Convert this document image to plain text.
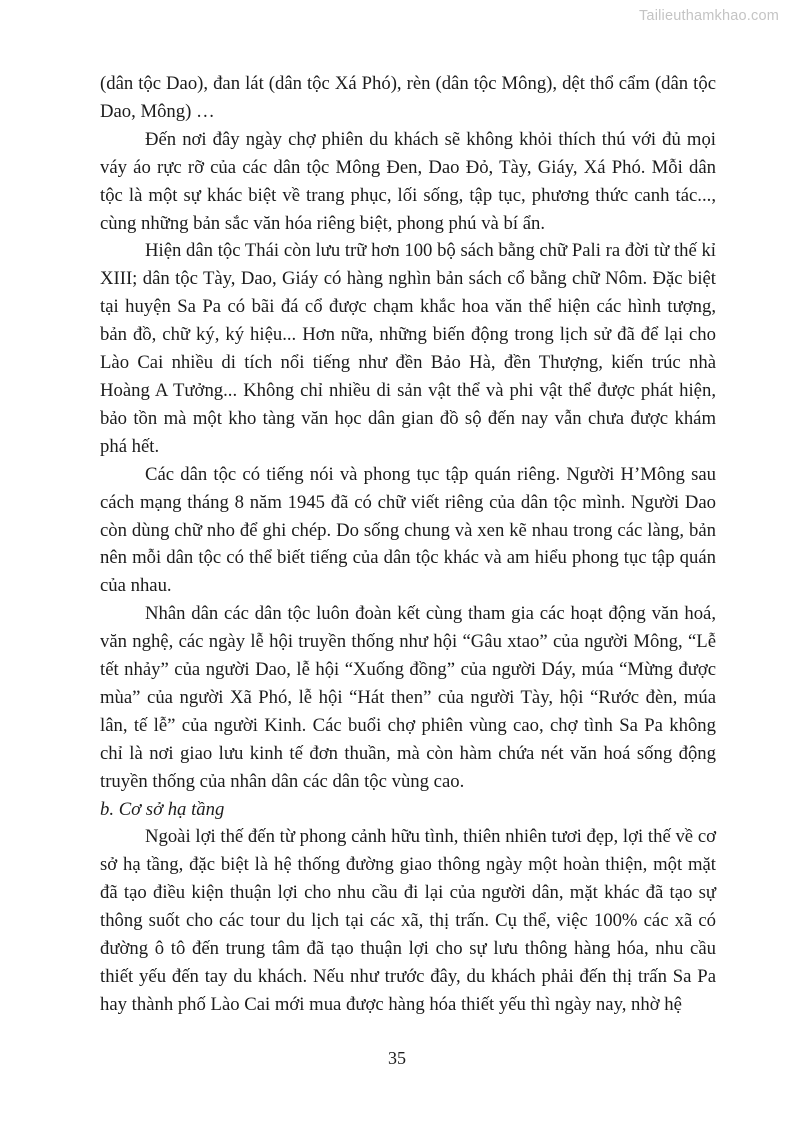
Tailieuthamkhao.com

(dân tộc Dao), đan lát (dân tộc Xá Phó), rèn (dân tộc Mông), dệt thổ cẩm (dân tộc Dao, Mông) …

Đến nơi đây ngày chợ phiên du khách sẽ không khỏi thích thú với đủ mọi váy áo rực rỡ của các dân tộc Mông Đen, Dao Đỏ, Tày, Giáy, Xá Phó. Mỗi dân tộc là một sự khác biệt về trang phục, lối sống, tập tục, phương thức canh tác..., cùng những bản sắc văn hóa riêng biệt, phong phú và bí ẩn.

Hiện dân tộc Thái còn lưu trữ hơn 100 bộ sách bằng chữ Pali ra đời từ thế kỉ XIII; dân tộc Tày, Dao, Giáy có hàng nghìn bản sách cổ bằng chữ Nôm. Đặc biệt tại huyện Sa Pa có bãi đá cổ được chạm khắc hoa văn thể hiện các hình tượng, bản đồ, chữ ký, ký hiệu... Hơn nữa, những biến động trong lịch sử đã để lại cho Lào Cai nhiều di tích nổi tiếng như đền Bảo Hà, đền Thượng, kiến trúc nhà Hoàng A Tưởng... Không chỉ nhiều di sản vật thể và phi vật thể được phát hiện, bảo tồn mà một kho tàng văn học dân gian đồ sộ đến nay vẫn chưa được khám phá hết.

Các dân tộc có tiếng nói và phong tục tập quán riêng. Người H’Mông sau cách mạng tháng 8 năm 1945 đã có chữ viết riêng của dân tộc mình. Người Dao còn dùng chữ nho để ghi chép. Do sống chung và xen kẽ nhau trong các làng, bản nên mỗi dân tộc có thể biết tiếng của dân tộc khác và am hiểu phong tục tập quán của nhau.

Nhân dân các dân tộc luôn đoàn kết cùng tham gia các hoạt động văn hoá, văn nghệ, các ngày lễ hội truyền thống như hội “Gâu xtao” của người Mông, “Lễ tết nhảy” của người Dao, lễ hội “Xuống đồng” của người Dáy, múa “Mừng được mùa” của người Xã Phó, lễ hội “Hát then” của người Tày, hội “Rước đèn, múa lân, tế lễ” của người Kinh. Các buổi chợ phiên vùng cao, chợ tình Sa Pa không chỉ là nơi giao lưu kinh tế đơn thuần, mà còn hàm chứa nét văn hoá sống động truyền thống của nhân dân các dân tộc vùng cao.

b. Cơ sở hạ tầng

Ngoài lợi thế đến từ phong cảnh hữu tình, thiên nhiên tươi đẹp, lợi thế về cơ sở hạ tầng, đặc biệt là hệ thống đường giao thông ngày một hoàn thiện, một mặt đã tạo điều kiện thuận lợi cho nhu cầu đi lại của người dân, mặt khác đã tạo sự thông suốt cho các tour du lịch tại các xã, thị trấn. Cụ thể, việc 100% các xã có đường ô tô đến trung tâm đã tạo thuận lợi cho sự lưu thông hàng hóa, nhu cầu thiết yếu đến tay du khách. Nếu như trước đây, du khách phải đến thị trấn Sa Pa hay thành phố Lào Cai mới mua được hàng hóa thiết yếu thì ngày nay, nhờ hệ

35
